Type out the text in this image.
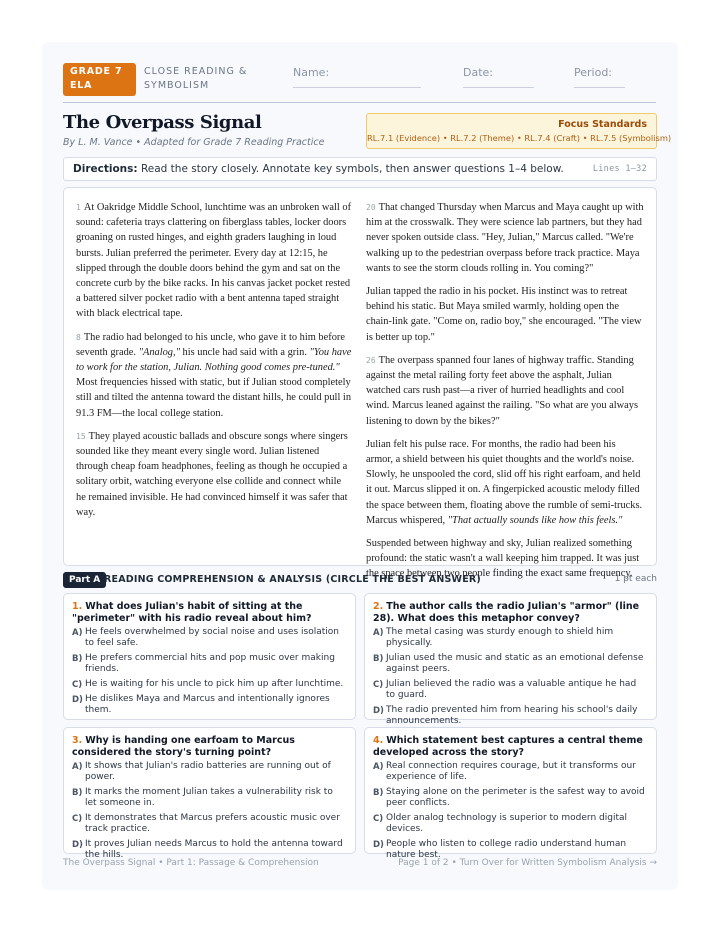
GRADE 7 ELA
CLOSE READING & SYMBOLISM
Name:	Date:	Period:
The Overpass Signal
By L. M. Vance • Adapted for Grade 7 Reading Practice
Focus Standards
RL.7.1 (Evidence) • RL.7.2 (Theme) • RL.7.4 (Craft) • RL.7.5 (Symbolism)
Directions: Read the story closely. Annotate key symbols, then answer questions 1–4 below.	Lines 1–32

1 At Oakridge Middle School, lunchtime was an unbroken wall of sound: cafeteria trays clattering on fiberglass tables, locker doors groaning on rusted hinges, and eighth graders laughing in loud bursts. Julian preferred the perimeter. Every day at 12:15, he slipped through the double doors behind the gym and sat on the concrete curb by the bike racks. In his canvas jacket pocket rested a battered silver pocket radio with a bent antenna taped straight with black electrical tape.

8 The radio had belonged to his uncle, who gave it to him before seventh grade. "Analog," his uncle had said with a grin. "You have to work for the station, Julian. Nothing good comes pre-tuned." Most frequencies hissed with static, but if Julian stood completely still and tilted the antenna toward the distant hills, he could pull in 91.3 FM—the local college station.

15 They played acoustic ballads and obscure songs where singers sounded like they meant every single word. Julian listened through cheap foam headphones, feeling as though he occupied a solitary orbit, watching everyone else collide and connect while he remained invisible. He had convinced himself it was safer that way.

20 That changed Thursday when Marcus and Maya caught up with him at the crosswalk. They were science lab partners, but they had never spoken outside class. "Hey, Julian," Marcus called. "We're walking up to the pedestrian overpass before track practice. Maya wants to see the storm clouds rolling in. You coming?"

Julian tapped the radio in his pocket. His instinct was to retreat behind his static. But Maya smiled warmly, holding open the chain-link gate. "Come on, radio boy," she encouraged. "The view is better up top."

26 The overpass spanned four lanes of highway traffic. Standing against the metal railing forty feet above the asphalt, Julian watched cars rush past—a river of hurried headlights and cool wind. Marcus leaned against the railing. "So what are you always listening to down by the bikes?"

Julian felt his pulse race. For months, the radio had been his armor, a shield between his quiet thoughts and the world's noise. Slowly, he unspooled the cord, slid off his right earfoam, and held it out. Marcus slipped it on. A fingerpicked acoustic melody filled the space between them, floating above the rumble of semi-trucks. Marcus whispered, "That actually sounds like how this feels."

Suspended between highway and sky, Julian realized something profound: the static wasn't a wall keeping him trapped. It was just the space between two people finding the exact same frequency.

Part A READING COMPREHENSION & ANALYSIS (CIRCLE THE BEST ANSWER)	1 pt each
1. What does Julian's habit of sitting at the "perimeter" with his radio reveal about him?
A) He feels overwhelmed by social noise and uses isolation to feel safe.
B) He prefers commercial hits and pop music over making friends.
C) He is waiting for his uncle to pick him up after lunchtime.
D) He dislikes Maya and Marcus and intentionally ignores them.
2. The author calls the radio Julian's "armor" (line 28). What does this metaphor convey?
A) The metal casing was sturdy enough to shield him physically.
B) Julian used the music and static as an emotional defense against peers.
C) Julian believed the radio was a valuable antique he had to guard.
D) The radio prevented him from hearing his school's daily announcements.
3. Why is handing one earfoam to Marcus considered the story's turning point?
A) It shows that Julian's radio batteries are running out of power.
B) It marks the moment Julian takes a vulnerability risk to let someone in.
C) It demonstrates that Marcus prefers acoustic music over track practice.
D) It proves Julian needs Marcus to hold the antenna toward the hills.
4. Which statement best captures a central theme developed across the story?
A) Real connection requires courage, but it transforms our experience of life.
B) Staying alone on the perimeter is the safest way to avoid peer conflicts.
C) Older analog technology is superior to modern digital devices.
D) People who listen to college radio understand human nature best.
The Overpass Signal • Part 1: Passage & Comprehension	Page 1 of 2 • Turn Over for Written Symbolism Analysis →
